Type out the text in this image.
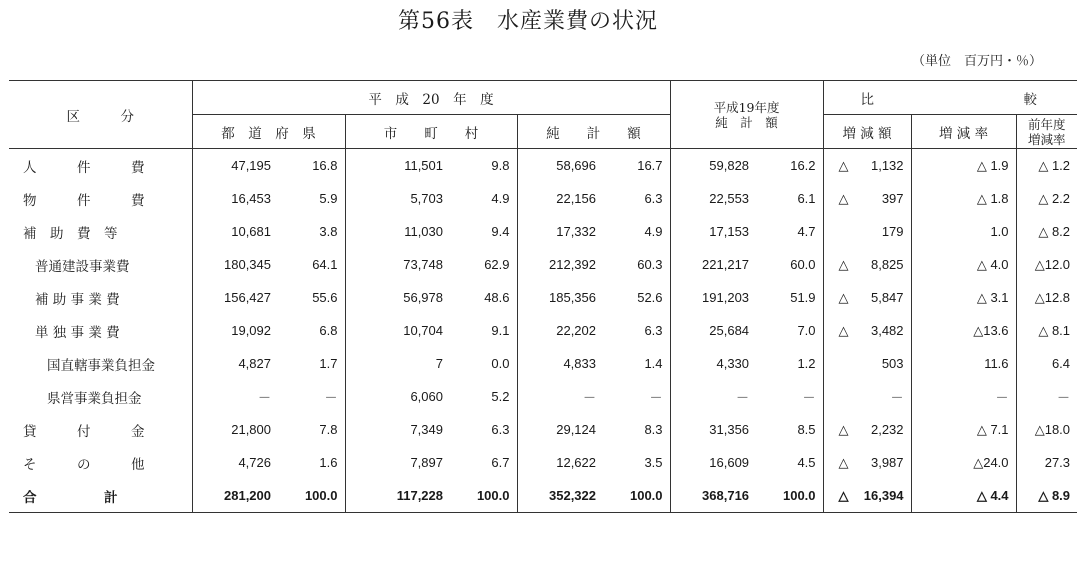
第56表　水産業費の状況
（単位　百万円・％）
区　　　分	平　成　20　年　度						平成19年度
純　計　額		比	較	
	都　道　府　県		市　　町　　村		純　　計　　額				増 減 額	増 減 率	前年度
増減率
人　　　件　　　費	47,195	16.8	11,501	9.8	58,696	16.7	59,828	16.2	△ 1,132	△ 1.9	△ 1.2
物　　　件　　　費	16,453	5.9	5,703	4.9	22,156	6.3	22,553	6.1	△ 397	△ 1.8	△ 2.2
補　助　費　等	10,681	3.8	11,030	9.4	17,332	4.9	17,153	4.7	179	1.0	△ 8.2
普通建設事業費	180,345	64.1	73,748	62.9	212,392	60.3	221,217	60.0	△ 8,825	△ 4.0	△12.0
補 助 事 業 費	156,427	55.6	56,978	48.6	185,356	52.6	191,203	51.9	△ 5,847	△ 3.1	△12.8
単 独 事 業 費	19,092	6.8	10,704	9.1	22,202	6.3	25,684	7.0	△ 3,482	△13.6	△ 8.1
国直轄事業負担金	4,827	1.7	7	0.0	4,833	1.4	4,330	1.2	503	11.6	6.4
県営事業負担金	－	－	6,060	5.2	－	－	－	－	－	－	－
貸　　　付　　　金	21,800	7.8	7,349	6.3	29,124	8.3	31,356	8.5	△ 2,232	△ 7.1	△18.0
そ　　　の　　　他	4,726	1.6	7,897	6.7	12,622	3.5	16,609	4.5	△ 3,987	△24.0	27.3
合　　　　　計	281,200	100.0	117,228	100.0	352,322	100.0	368,716	100.0	△ 16,394	△ 4.4	△ 8.9
